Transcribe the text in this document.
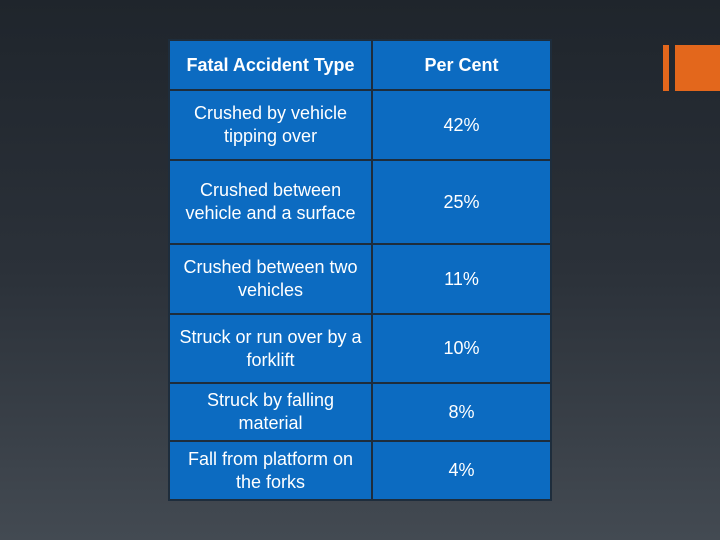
Fatal Accident Type	Per Cent
Crushed by vehicle tipping over	42%
Crushed between vehicle and a surface	25%
Crushed between two vehicles	11%
Struck or run over by a forklift	10%
Struck by falling material	8%
Fall from platform on the forks	4%
